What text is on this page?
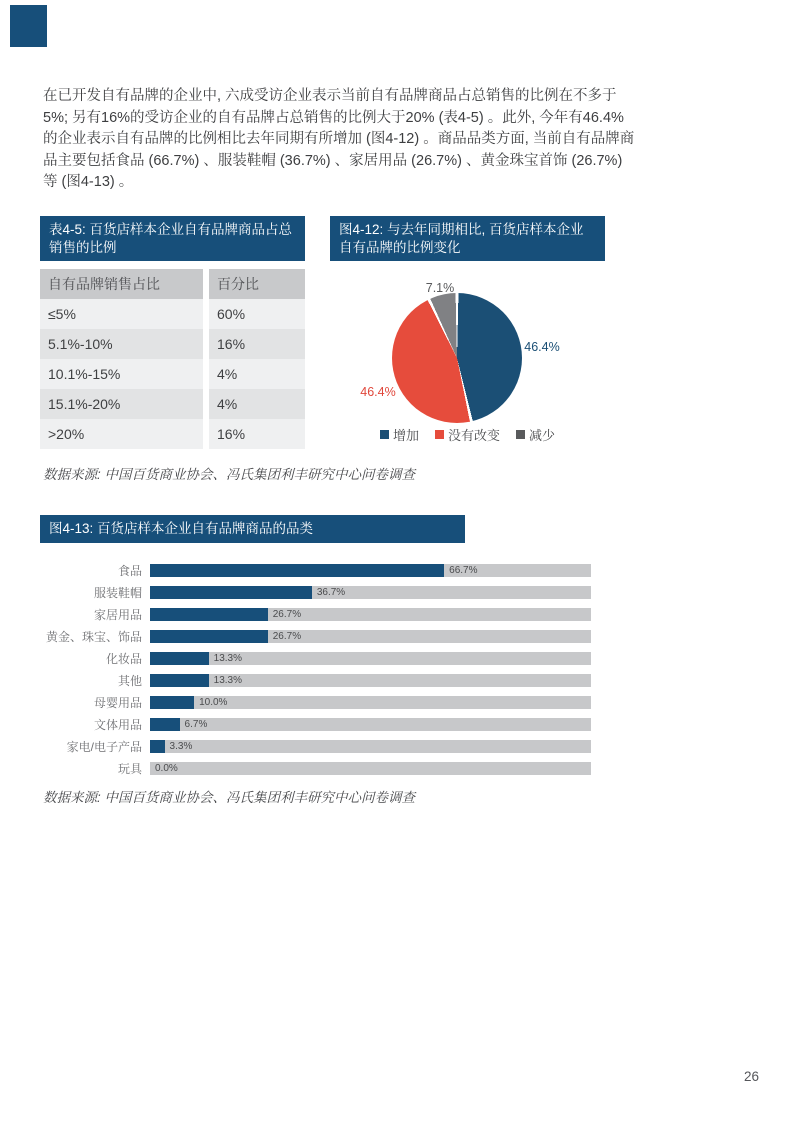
在已开发自有品牌的企业中, 六成受访企业表示当前自有品牌商品占总销售的比例在不多于5%; 另有16%的受访企业的自有品牌占总销售的比例大于20% (表4-5) 。此外, 今年有46.4%的企业表示自有品牌的比例相比去年同期有所增加 (图4-12) 。商品品类方面, 当前自有品牌商品主要包括食品 (66.7%) 、服装鞋帽 (36.7%) 、家居用品 (26.7%) 、黄金珠宝首饰 (26.7%) 等 (图4-13) 。

表4-5: 百货店样本企业自有品牌商品占总销售的比例
自有品牌销售占比	百分比
≤5%	60%
5.1%-10%	16%
10.1%-15%	4%
15.1%-20%	4%
>20%	16%
图4-12: 与去年同期相比, 百货店样本企业自有品牌的比例变化
46.4%
46.4%
7.1%
增加 没有改变 减少
数据来源: 中国百货商业协会、冯氏集团利丰研究中心问卷调查
图4-13: 百货店样本企业自有品牌商品的品类
食品	66.7%
服装鞋帽	36.7%
家居用品	26.7%
黄金、珠宝、饰品	26.7%
化妆品	13.3%
其他	13.3%
母婴用品	10.0%
文体用品	6.7%
家电/电子产品	3.3%
玩具	0.0%
数据来源: 中国百货商业协会、冯氏集团利丰研究中心问卷调查
26
